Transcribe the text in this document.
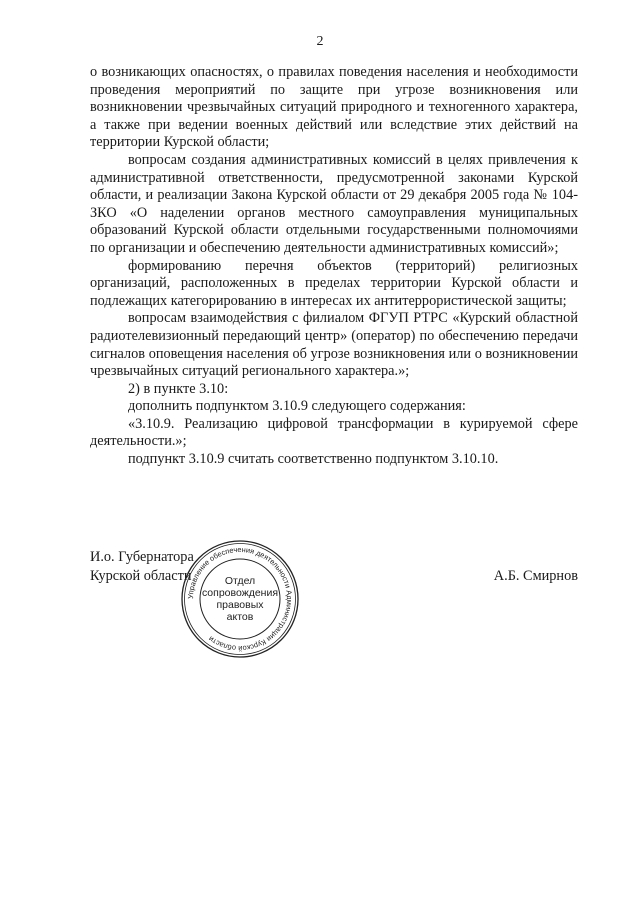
2

о возникающих опасностях, о правилах поведения населения и необходимости проведения мероприятий по защите при угрозе возникновения или возникновении чрезвычайных ситуаций природного и техногенного характера, а также при ведении военных действий или вследствие этих действий на территории Курской области;

вопросам создания административных комиссий в целях привлечения к административной ответственности, предусмотренной законами Курской области, и реализации Закона Курской области от 29 декабря 2005 года № 104-ЗКО «О наделении органов местного самоуправления муниципальных образований Курской области отдельными государственными полномочиями по организации и обеспечению деятельности административных комиссий»;

формированию перечня объектов (территорий) религиозных организаций, расположенных в пределах территории Курской области и подлежащих категорированию в интересах их антитеррористической защиты;

вопросам взаимодействия с филиалом ФГУП РТРС «Курский областной радиотелевизионный передающий центр» (оператор) по обеспечению передачи сигналов оповещения населения об угрозе возникновения или о возникновении чрезвычайных ситуаций регионального характера.»;

2) в пункте 3.10:

дополнить подпунктом 3.10.9 следующего содержания:

«3.10.9. Реализацию цифровой трансформации в курируемой сфере деятельности.»;

подпункт 3.10.9 считать соответственно подпунктом 3.10.10.

И.о. Губернатора
Курской области	А.Б. Смирнов
Управление обеспечения деятельности Администрации Курской области
Отдел
сопровождения
правовых
актов
